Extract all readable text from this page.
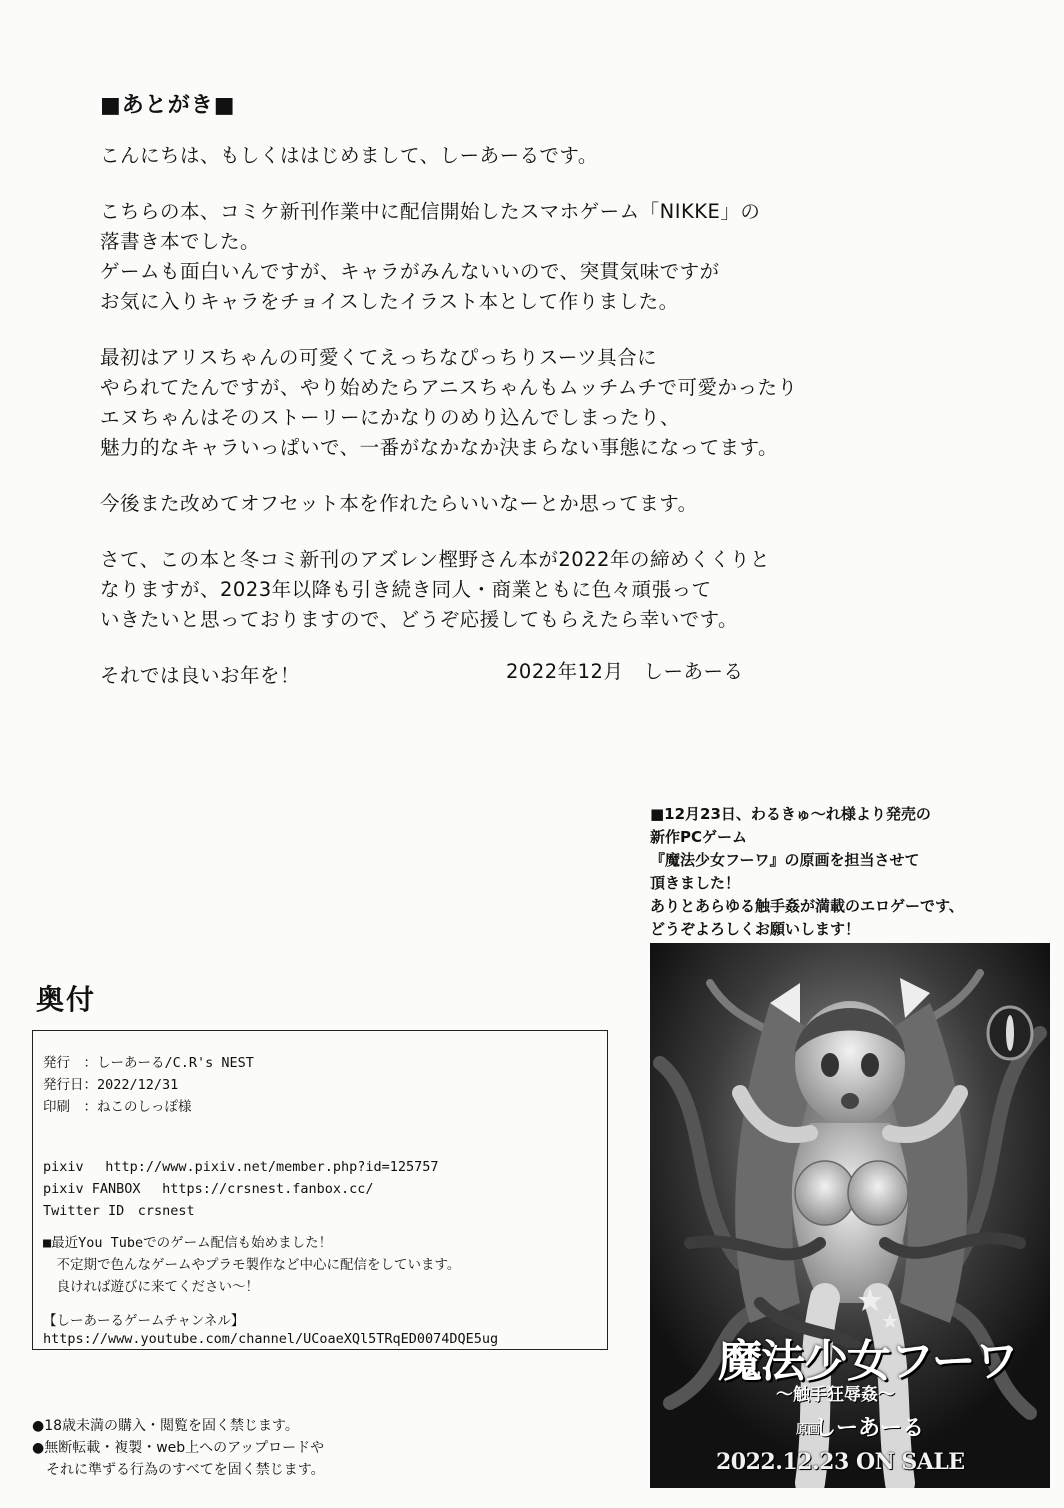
■あとがき■
こんにちは、もしくははじめまして、しーあーるです。
こちらの本、コミケ新刊作業中に配信開始したスマホゲーム「NIKKE」の
落書き本でした。
ゲームも面白いんですが、キャラがみんないいので、突貫気味ですが
お気に入りキャラをチョイスしたイラスト本として作りました。
最初はアリスちゃんの可愛くてえっちなぴっちりスーツ具合に
やられてたんですが、やり始めたらアニスちゃんもムッチムチで可愛かったり
エヌちゃんはそのストーリーにかなりのめり込んでしまったり、
魅力的なキャラいっぱいで、一番がなかなか決まらない事態になってます。
今後また改めてオフセット本を作れたらいいなーとか思ってます。
さて、この本と冬コミ新刊のアズレン樫野さん本が2022年の締めくくりと
なりますが、2023年以降も引き続き同人・商業ともに色々頑張って
いきたいと思っておりますので、どうぞ応援してもらえたら幸いです。
それでは良いお年を！	2022年12月　しーあーる
■12月23日、わるきゅ～れ様より発売の
新作PCゲーム
『魔法少女フーワ』の原画を担当させて
頂きました！
ありとあらゆる触手姦が満載のエロゲーです、
どうぞよろしくお願いします！
魔法少女フーワ
～触手狂辱姦～
原画しーあーる
2022.12.23 ON SALE
奥付
発行　：しーあーる/C.R's NEST
発行日：2022/12/31
印刷　：ねこのしっぽ様
pixiv　 http://www.pixiv.net/member.php?id=125757
pixiv FANBOX　 https://crsnest.fanbox.cc/
Twitter ID　crsnest
■最近You Tubeでのゲーム配信も始めました！
　不定期で色んなゲームやプラモ製作など中心に配信をしています。
　良ければ遊びに来てください～！
【しーあーるゲームチャンネル】
https://www.youtube.com/channel/UCoaeXQl5TRqED0074DQE5ug
●18歳未満の購入・閲覧を固く禁じます。
●無断転載・複製・web上へのアップロードや
　それに準ずる行為のすべてを固く禁じます。
